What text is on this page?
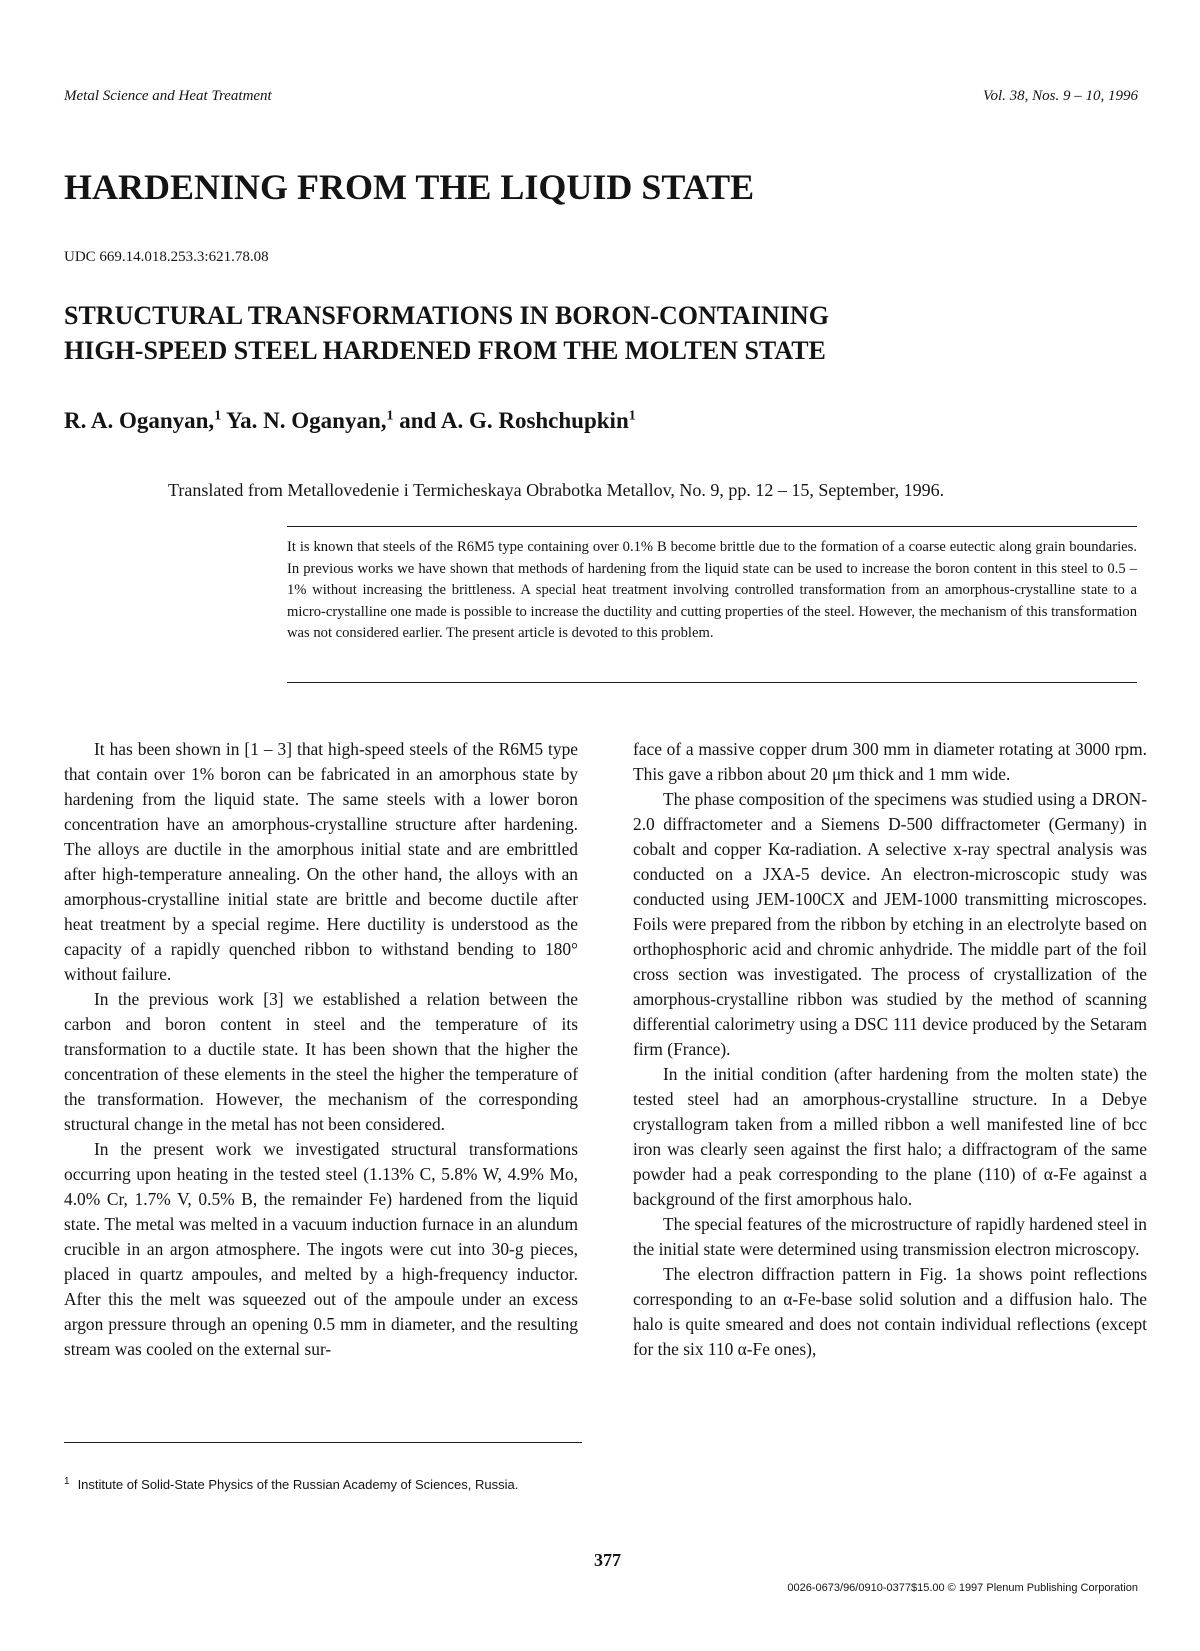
Metal Science and Heat Treatment	Vol. 38, Nos. 9 – 10, 1996
HARDENING FROM THE LIQUID STATE
UDC 669.14.018.253.3:621.78.08
STRUCTURAL TRANSFORMATIONS IN BORON-CONTAINING
HIGH-SPEED STEEL HARDENED FROM THE MOLTEN STATE
R. A. Oganyan,$^1$ Ya. N. Oganyan,$^1$ and A. G. Roshchupkin$^1$
Translated from Metallovedenie i Termicheskaya Obrabotka Metallov, No. 9, pp. 12 – 15, September, 1996.
It is known that steels of the R6M5 type containing over 0.1% B become brittle due to the formation of a coarse eutectic along grain boundaries. In previous works we have shown that methods of hardening from the liquid state can be used to increase the boron content in this steel to 0.5 – 1% without increasing the brittleness. A special heat treatment involving controlled transformation from an amorphous-crystalline state to a micro-crystalline one made is possible to increase the ductility and cutting properties of the steel. However, the mechanism of this transformation was not considered earlier. The present article is devoted to this problem.

It has been shown in [1 – 3] that high-speed steels of the R6M5 type that contain over 1% boron can be fabricated in an amorphous state by hardening from the liquid state. The same steels with a lower boron concentration have an amorphous-crystalline structure after hardening. The alloys are ductile in the amorphous initial state and are embrittled after high-temperature annealing. On the other hand, the alloys with an amorphous-crystalline initial state are brittle and become ductile after heat treatment by a special regime. Here ductility is understood as the capacity of a rapidly quenched ribbon to withstand bending to 180° without failure.

In the previous work [3] we established a relation between the carbon and boron content in steel and the temperature of its transformation to a ductile state. It has been shown that the higher the concentration of these elements in the steel the higher the temperature of the transformation. However, the mechanism of the corresponding structural change in the metal has not been considered.

In the present work we investigated structural transformations occurring upon heating in the tested steel (1.13% C, 5.8% W, 4.9% Mo, 4.0% Cr, 1.7% V, 0.5% B, the remainder Fe) hardened from the liquid state. The metal was melted in a vacuum induction furnace in an alundum crucible in an argon atmosphere. The ingots were cut into 30-g pieces, placed in quartz ampoules, and melted by a high-frequency inductor. After this the melt was squeezed out of the ampoule under an excess argon pressure through an opening 0.5 mm in diameter, and the resulting stream was cooled on the external sur-

face of a massive copper drum 300 mm in diameter rotating at 3000 rpm. This gave a ribbon about 20 μm thick and 1 mm wide.

The phase composition of the specimens was studied using a DRON-2.0 diffractometer and a Siemens D-500 diffractometer (Germany) in cobalt and copper Kα-radiation. A selective x-ray spectral analysis was conducted on a JXA-5 device. An electron-microscopic study was conducted using JEM-100CX and JEM-1000 transmitting microscopes. Foils were prepared from the ribbon by etching in an electrolyte based on orthophosphoric acid and chromic anhydride. The middle part of the foil cross section was investigated. The process of crystallization of the amorphous-crystalline ribbon was studied by the method of scanning differential calorimetry using a DSC 111 device produced by the Setaram firm (France).

In the initial condition (after hardening from the molten state) the tested steel had an amorphous-crystalline structure. In a Debye crystallogram taken from a milled ribbon a well manifested line of bcc iron was clearly seen against the first halo; a diffractogram of the same powder had a peak corresponding to the plane (110) of α-Fe against a background of the first amorphous halo.

The special features of the microstructure of rapidly hardened steel in the initial state were determined using transmission electron microscopy.

The electron diffraction pattern in Fig. 1a shows point reflections corresponding to an α-Fe-base solid solution and a diffusion halo. The halo is quite smeared and does not contain individual reflections (except for the six 110 α-Fe ones),

$^1$ Institute of Solid-State Physics of the Russian Academy of Sciences, Russia.
377
0026-0673/96/0910-0377$15.00 © 1997 Plenum Publishing Corporation
